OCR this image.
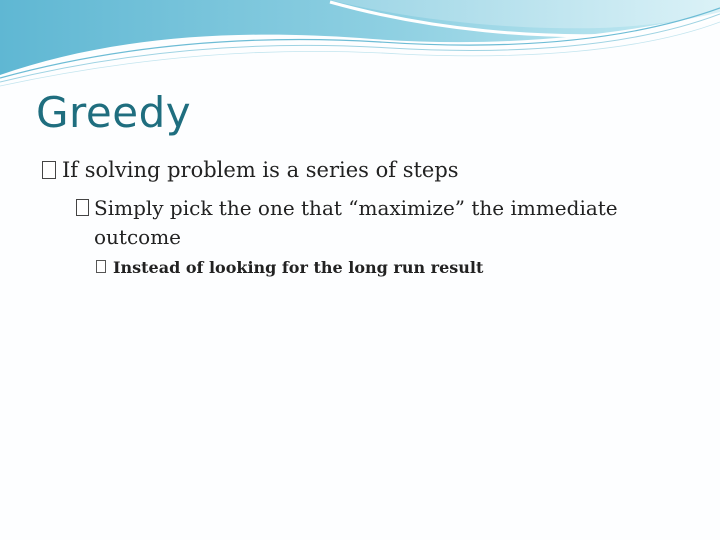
Greedy
If solving problem is a series of steps
Simply pick the one that “maximize” the immediate
outcome
Instead of looking for the long run result
